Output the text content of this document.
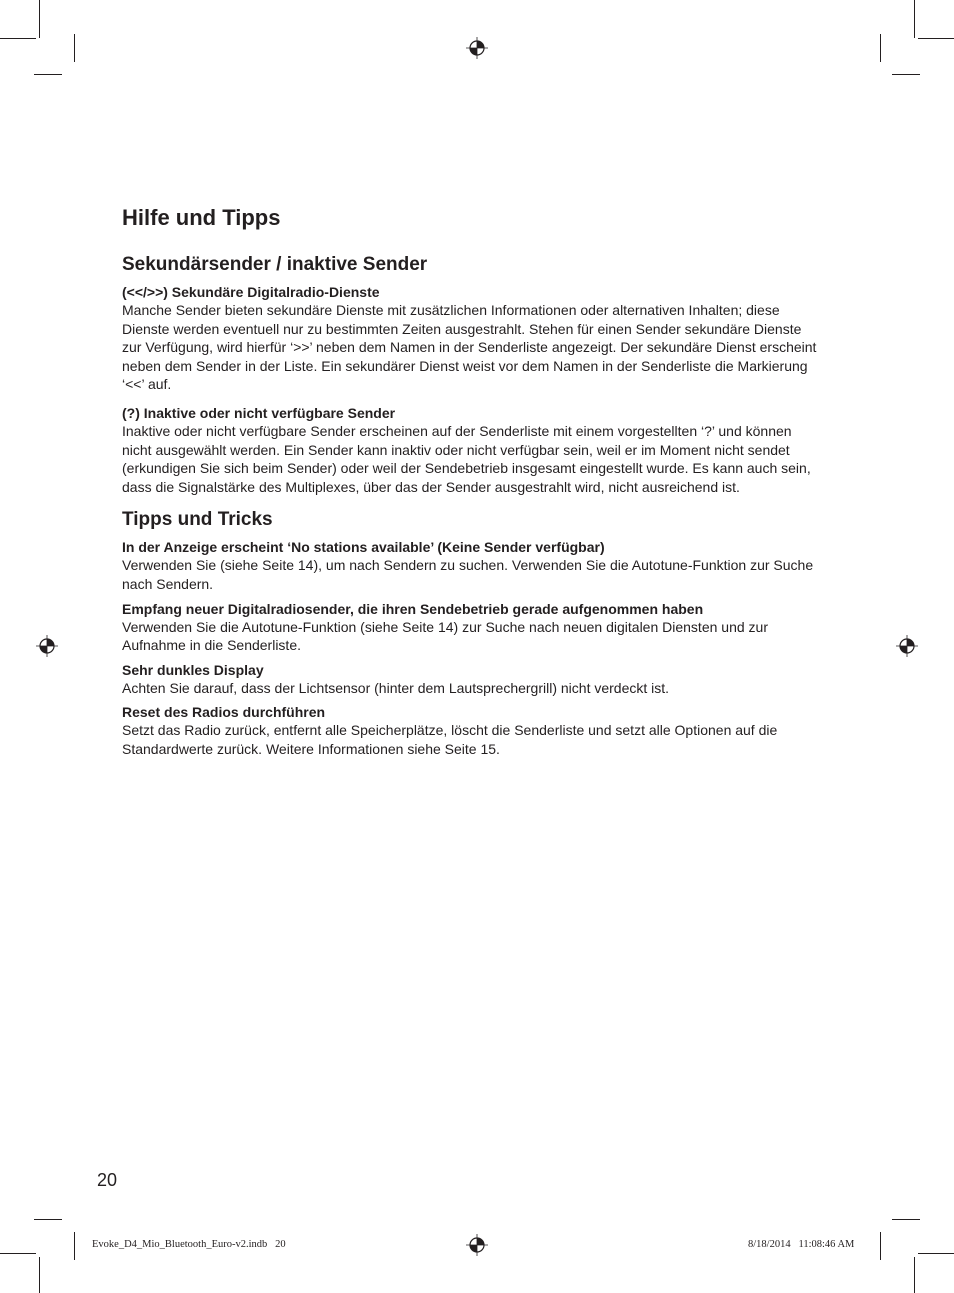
Hilfe und Tipps
Sekundärsender / inaktive Sender
(<</>>) Sekundäre Digitalradio-Dienste

Manche Sender bieten sekundäre Dienste mit zusätzlichen Informationen oder alternativen Inhalten; diese Dienste werden eventuell nur zu bestimmten Zeiten ausgestrahlt. Stehen für einen Sender sekundäre Dienste zur Verfügung, wird hierfür ‘>>’ neben dem Namen in der Senderliste angezeigt. Der sekundäre Dienst erscheint neben dem Sender in der Liste. Ein sekundärer Dienst weist vor dem Namen in der Senderliste die Markierung ‘<<’ auf.

(?) Inaktive oder nicht verfügbare Sender

Inaktive oder nicht verfügbare Sender erscheinen auf der Senderliste mit einem vorgestellten ‘?’ und können nicht ausgewählt werden. Ein Sender kann inaktiv oder nicht verfügbar sein, weil er im Moment nicht sendet (erkundigen Sie sich beim Sender) oder weil der Sendebetrieb insgesamt eingestellt wurde. Es kann auch sein, dass die Signalstärke des Multiplexes, über das der Sender ausgestrahlt wird, nicht ausreichend ist.

Tipps und Tricks
In der Anzeige erscheint ‘No stations available’ (Keine Sender verfügbar)

Verwenden Sie (siehe Seite 14), um nach Sendern zu suchen. Verwenden Sie die Autotune-Funktion zur Suche nach Sendern.

Empfang neuer Digitalradiosender, die ihren Sendebetrieb gerade aufgenommen haben

Verwenden Sie die Autotune-Funktion (siehe Seite 14) zur Suche nach neuen digitalen Diensten und zur Aufnahme in die Senderliste.

Sehr dunkles Display

Achten Sie darauf, dass der Lichtsensor (hinter dem Lautsprechergrill) nicht verdeckt ist.

Reset des Radios durchführen

Setzt das Radio zurück, entfernt alle Speicherplätze, löscht die Senderliste und setzt alle Optionen auf die Standardwerte zurück. Weitere Informationen siehe Seite 15.

20
Evoke_D4_Mio_Bluetooth_Euro-v2.indb   20	8/18/2014   11:08:46 AM
